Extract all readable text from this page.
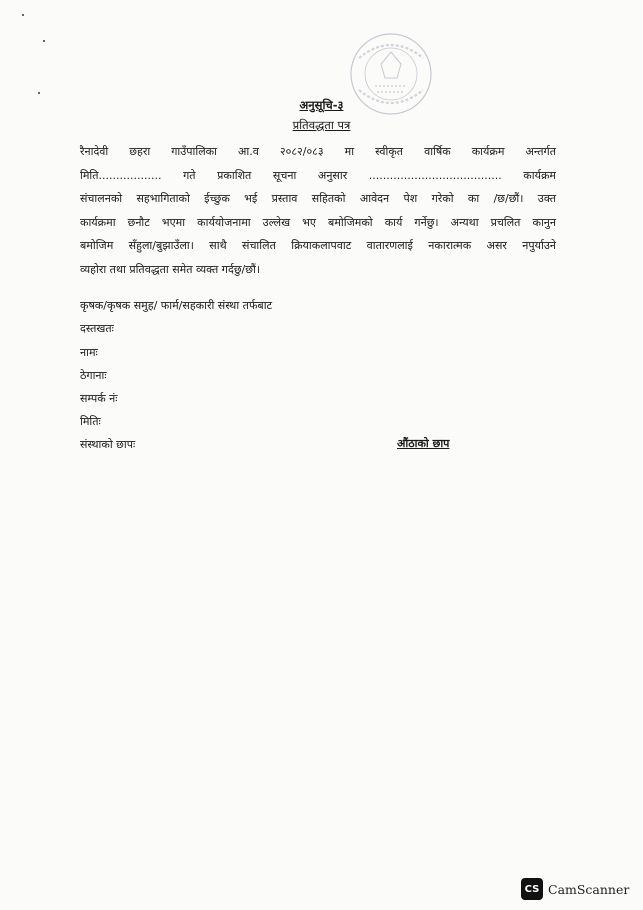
अनुसूचि-३
प्रतिवद्धता पत्र
रैनादेवी छहरा गाउँपालिका आ.व २०८२/०८३ मा स्वीकृत वार्षिक कार्यक्रम अन्तर्गत
मिति.................. गते प्रकाशित सूचना अनुसार ...................................... कार्यक्रम
संचालनको सहभागिताको ईच्छुक भई प्रस्ताव सहितको आवेदन पेश गरेको का /छ/छौं। उक्त
कार्यक्रमा छनौट भएमा कार्ययोजनामा उल्लेख भए बमोजिमको कार्य गर्नेछु। अन्यथा प्रचलित कानुन
बमोजिम सँहुला/बुझाउँला। साथै संचालित क्रियाकलापवाट वातारणलाई नकारात्मक असर नपुर्याउने
व्यहोरा तथा प्रतिवद्धता समेत व्यक्त गर्दछु/छौं।
कृषक/कृषक समुह/ फार्म/सहकारी संस्था तर्फबाट
दस्तखतः
नामः
ठेगानाः
सम्पर्क नंः
मितिः
संस्थाको छापः	औंठाको छाप
CS CamScanner
